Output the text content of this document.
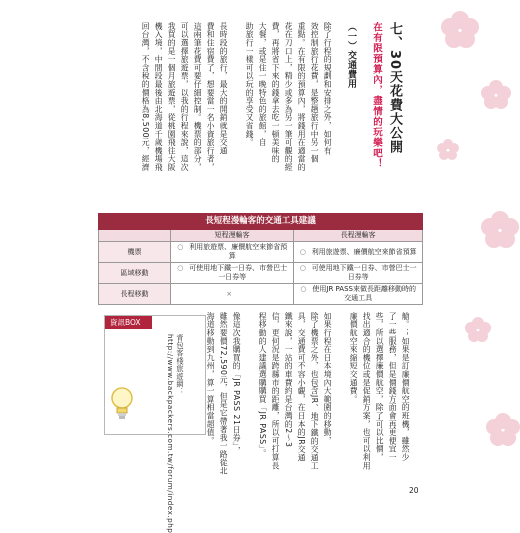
七、30天花費大公開
在有限預算內，盡情的玩樂吧！
（一）交通費用
除了行程的規劃和安排之外，如何有
效控制旅行花費，是整趟旅行中另一個
重點。在有限的預算內，將錢用在適當的
花在刀口上，精少或多為另一筆可觀的經
費，再將省下來的錢拿去吃一頓美味的
大餐，或是住一晚特色的旅館，自
助旅行一樣可以玩的享受又省錢。
長時段的旅行，最大的開銷就是交通
費和住宿費了，想要當一名小資旅行者，
這兩筆花費可要仔細控制。機票的部分，
可以選擇旅遊票，以我的行程來說，這次
我買的是一個月旅遊票，從桃園飛往大阪
機入境，中間段最後由北海道千歲機場飛
回台灣，不含稅的價格為8,500元，經濟
長短程漫輪客的交通工具建議		
	短程漫輪客	長程漫輪客
機票	○ 利用旅遊票、廉價航空來節省預算	○ 利用旅遊票、廉價航空來節省預算
區域移動	○ 可使用地下鐵一日券、市營巴士一日券等	○ 可使用地下鐵一日券、市營巴士一日券等
長程移動	×	○ 使用JR PASS來做長距離移動時的交通工具
艙。；如果是訂廉價航空的班機，雖然少
了一些服務，但是價錢方面會再更便宜一
些，所以選擇廉價航空，除了可以比價，
找出適合的機位或是促銷方案，也可以利用
廉價航空來縮短交通費。
如果行程在日本境內大範圍的移動，
除了機票之外，也包含JR、地下鐵的交通工
具，交通費可不容小覷，在日本的JR交通
鐵來說，一站的車費約是台灣的2～3
信，更何況是跨縣市的距離，所以可打算長
程移動的人建議選購購買「JR PASS」。
像這次我購買的「JR PASS 21日券」，
雖然要價72,590元，但是它帶著我一路從北
海道移動到九州，算一算相當超值。
資訊BOX
背包客棧旅遊網：
http://www.backpackers.com.tw/forum/index.php	20
